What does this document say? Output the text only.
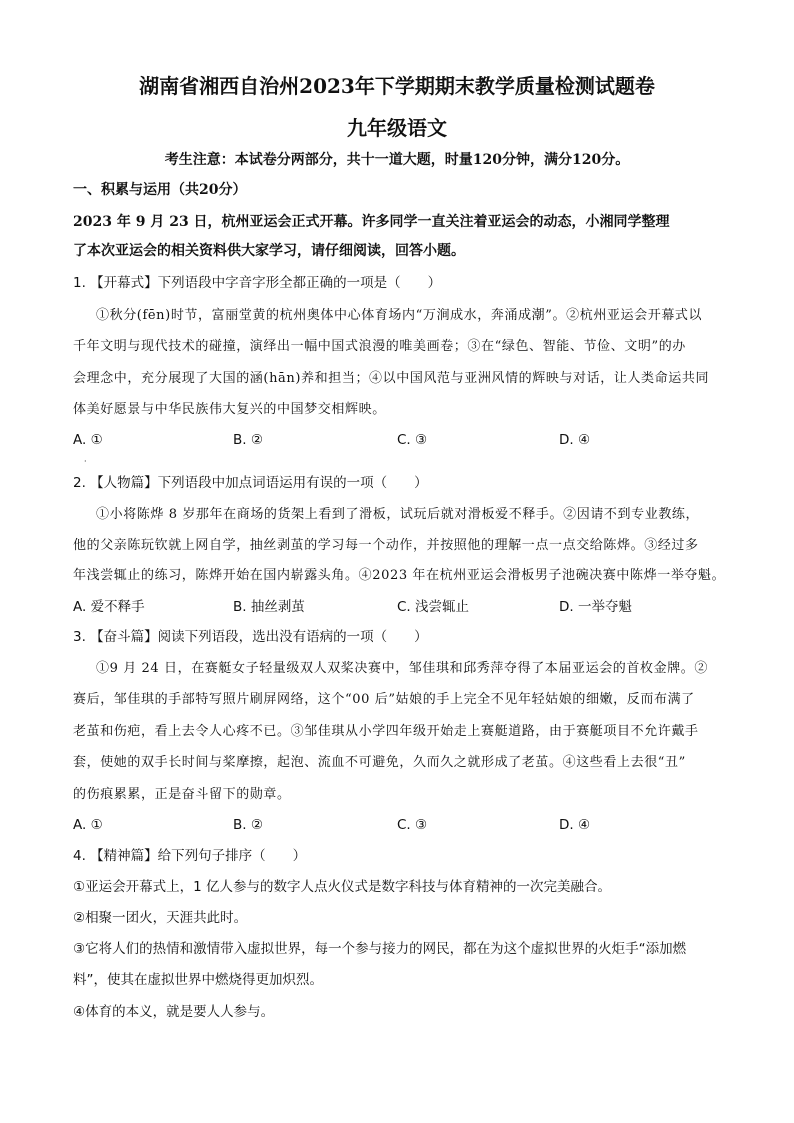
湖南省湘西自治州2023年下学期期末教学质量检测试题卷
九年级语文
考生注意：本试卷分两部分，共十一道大题，时量120分钟，满分120分。
一、积累与运用（共20分）
2023 年 9 月 23 日，杭州亚运会正式开幕。许多同学一直关注着亚运会的动态，小湘同学整理
了本次亚运会的相关资料供大家学习，请仔细阅读，回答小题。
1. 【开幕式】下列语段中字音字形全都正确的一项是（　　）
①秋分(fēn)时节，富丽堂黄的杭州奥体中心体育场内“万涧成水，奔涌成潮”。②杭州亚运会开幕式以
千年文明与现代技术的碰撞，演绎出一幅中国式浪漫的唯美画卷；③在“绿色、智能、节俭、文明”的办
会理念中，充分展现了大国的涵(hān)养和担当；④以中国风范与亚洲风情的辉映与对话，让人类命运共同
体美好愿景与中华民族伟大复兴的中国梦交相辉映。
A. ①	B. ②	C. ③	D. ④
·
2. 【人物篇】下列语段中加点词语运用有误的一项（　　）
①小将陈烨 8 岁那年在商场的货架上看到了滑板，试玩后就对滑板爱不释手。②因请不到专业教练，
他的父亲陈玩钦就上网自学，抽丝剥茧的学习每一个动作，并按照他的理解一点一点交给陈烨。③经过多
年浅尝辄止的练习，陈烨开始在国内崭露头角。④2023 年在杭州亚运会滑板男子池碗决赛中陈烨一举夺魁。
A. 爱不释手	B. 抽丝剥茧	C. 浅尝辄止	D. 一举夺魁
3. 【奋斗篇】阅读下列语段，选出没有语病的一项（　　）
①9 月 24 日，在赛艇女子轻量级双人双桨决赛中，邹佳琪和邱秀萍夺得了本届亚运会的首枚金牌。②
赛后，邹佳琪的手部特写照片刷屏网络，这个“00 后”姑娘的手上完全不见年轻姑娘的细嫩，反而布满了
老茧和伤疤，看上去令人心疼不已。③邹佳琪从小学四年级开始走上赛艇道路，由于赛艇项目不允许戴手
套，使她的双手长时间与桨摩擦，起泡、流血不可避免，久而久之就形成了老茧。④这些看上去很“丑”
的伤痕累累，正是奋斗留下的勋章。
A. ①	B. ②	C. ③	D. ④
4. 【精神篇】给下列句子排序（　　）
①亚运会开幕式上，1 亿人参与的数字人点火仪式是数字科技与体育精神的一次完美融合。
②相聚一团火，天涯共此时。
③它将人们的热情和激情带入虚拟世界，每一个参与接力的网民，都在为这个虚拟世界的火炬手“添加燃
料”，使其在虚拟世界中燃烧得更加炽烈。
④体育的本义，就是要人人参与。
